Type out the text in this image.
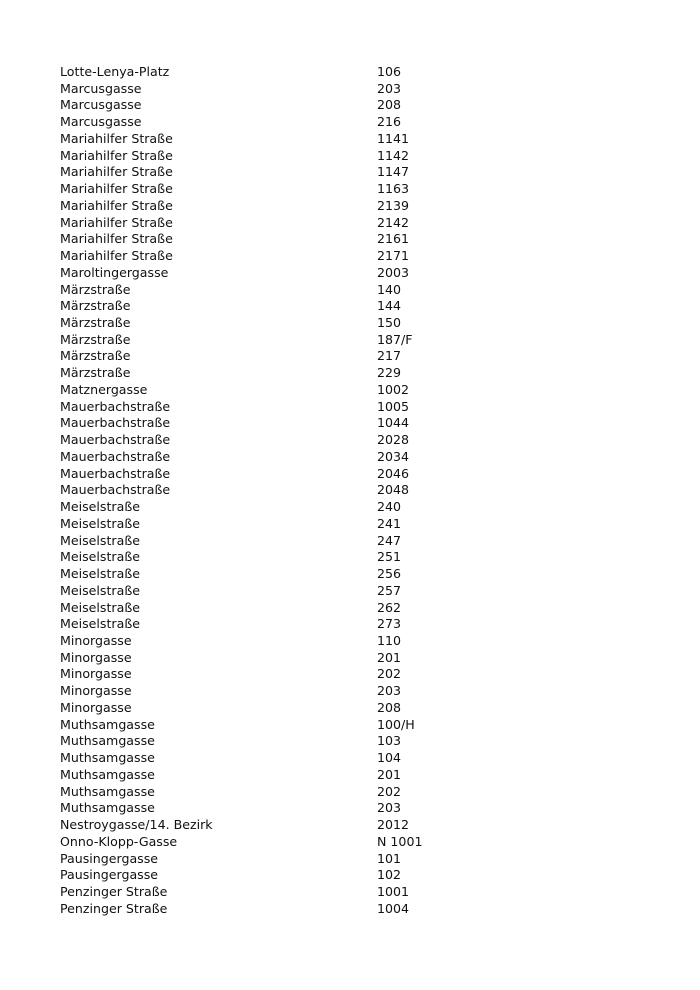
Lotte-Lenya-Platz	106
Marcusgasse	203
Marcusgasse	208
Marcusgasse	216
Mariahilfer Straße	1141
Mariahilfer Straße	1142
Mariahilfer Straße	1147
Mariahilfer Straße	1163
Mariahilfer Straße	2139
Mariahilfer Straße	2142
Mariahilfer Straße	2161
Mariahilfer Straße	2171
Maroltingergasse	2003
Märzstraße	140
Märzstraße	144
Märzstraße	150
Märzstraße	187/F
Märzstraße	217
Märzstraße	229
Matznergasse	1002
Mauerbachstraße	1005
Mauerbachstraße	1044
Mauerbachstraße	2028
Mauerbachstraße	2034
Mauerbachstraße	2046
Mauerbachstraße	2048
Meiselstraße	240
Meiselstraße	241
Meiselstraße	247
Meiselstraße	251
Meiselstraße	256
Meiselstraße	257
Meiselstraße	262
Meiselstraße	273
Minorgasse	110
Minorgasse	201
Minorgasse	202
Minorgasse	203
Minorgasse	208
Muthsamgasse	100/H
Muthsamgasse	103
Muthsamgasse	104
Muthsamgasse	201
Muthsamgasse	202
Muthsamgasse	203
Nestroygasse/14. Bezirk	2012
Onno-Klopp-Gasse	N 1001
Pausingergasse	101
Pausingergasse	102
Penzinger Straße	1001
Penzinger Straße	1004
